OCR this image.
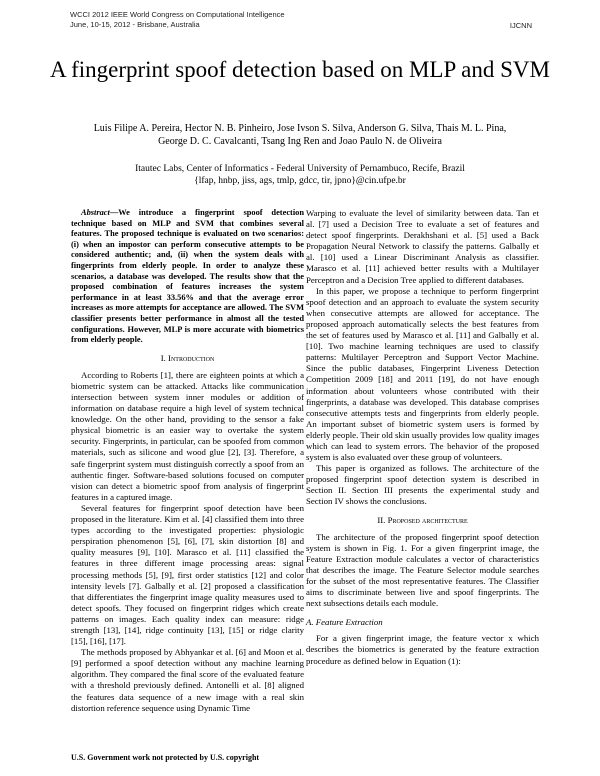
WCCI 2012 IEEE World Congress on Computational Intelligence
June, 10-15, 2012 - Brisbane, Australia	IJCNN
A fingerprint spoof detection based on MLP and SVM
Luis Filipe A. Pereira, Hector N. B. Pinheiro, Jose Ivson S. Silva, Anderson G. Silva, Thais M. L. Pina,
George D. C. Cavalcanti, Tsang Ing Ren and Joao Paulo N. de Oliveira
Itautec Labs, Center of Informatics - Federal University of Pernambuco, Recife, Brazil
{lfap, hnbp, jiss, ags, tmlp, gdcc, tir, jpno}@cin.ufpe.br

Abstract—We introduce a fingerprint spoof detection technique based on MLP and SVM that combines several features. The proposed technique is evaluated on two scenarios: (i) when an impostor can perform consecutive attempts to be considered authentic; and, (ii) when the system deals with fingerprints from elderly people. In order to analyze these scenarios, a database was developed. The results show that the proposed combination of features increases the system performance in at least 33.56% and that the average error increases as more attempts for acceptance are allowed. The SVM classifier presents better performance in almost all the tested configurations. However, MLP is more accurate with biometrics from elderly people.

I. Introduction

According to Roberts [1], there are eighteen points at which a biometric system can be attacked. Attacks like communication intersection between system inner modules or addition of information on database require a high level of system technical knowledge. On the other hand, providing to the sensor a fake physical biometric is an easier way to overtake the system security. Fingerprints, in particular, can be spoofed from common materials, such as silicone and wood glue [2], [3]. Therefore, a safe fingerprint system must distinguish correctly a spoof from an authentic finger. Software-based solutions focused on computer vision can detect a biometric spoof from analysis of fingerprint features in a captured image.

Several features for fingerprint spoof detection have been proposed in the literature. Kim et al. [4] classified them into three types according to the investigated properties: physiologic perspiration phenomenon [5], [6], [7], skin distortion [8] and quality measures [9], [10]. Marasco et al. [11] classified the features in three different image processing areas: signal processing methods [5], [9], first order statistics [12] and color intensity levels [7]. Galbally et al. [2] proposed a classification that differentiates the fingerprint image quality measures used to detect spoofs. They focused on fingerprint ridges which create patterns on images. Each quality index can measure: ridge strength [13], [14], ridge continuity [13], [15] or ridge clarity [15], [16], [17].

The methods proposed by Abhyankar et al. [6] and Moon et al. [9] performed a spoof detection without any machine learning algorithm. They compared the final score of the evaluated feature with a threshold previously defined. Antonelli et al. [8] aligned the features data sequence of a new image with a real skin distortion reference sequence using Dynamic Time

Warping to evaluate the level of similarity between data. Tan et al. [7] used a Decision Tree to evaluate a set of features and detect spoof fingerprints. Derakhshani et al. [5] used a Back Propagation Neural Network to classify the patterns. Galbally et al. [10] used a Linear Discriminant Analysis as classifier. Marasco et al. [11] achieved better results with a Multilayer Perceptron and a Decision Tree applied to different databases.

In this paper, we propose a technique to perform fingerprint spoof detection and an approach to evaluate the system security when consecutive attempts are allowed for acceptance. The proposed approach automatically selects the best features from the set of features used by Marasco et al. [11] and Galbally et al. [10]. Two machine learning techniques are used to classify patterns: Multilayer Perceptron and Support Vector Machine. Since the public databases, Fingerprint Liveness Detection Competition 2009 [18] and 2011 [19], do not have enough information about volunteers whose contributed with their fingerprints, a database was developed. This database comprises consecutive attempts tests and fingerprints from elderly people. An important subset of biometric system users is formed by elderly people. Their old skin usually provides low quality images which can lead to system errors. The behavior of the proposed system is also evaluated over these group of volunteers.

This paper is organized as follows. The architecture of the proposed fingerprint spoof detection system is described in Section II. Section III presents the experimental study and Section IV shows the conclusions.

II. Proposed architecture

The architecture of the proposed fingerprint spoof detection system is shown in Fig. 1. For a given fingerprint image, the Feature Extraction module calculates a vector of characteristics that describes the image. The Feature Selector module searches for the subset of the most representative features. The Classifier aims to discriminate between live and spoof fingerprints. The next subsections details each module.

A. Feature Extraction

For a given fingerprint image, the feature vector x which describes the biometrics is generated by the feature extraction procedure as defined below in Equation (1):

U.S. Government work not protected by U.S. copyright
